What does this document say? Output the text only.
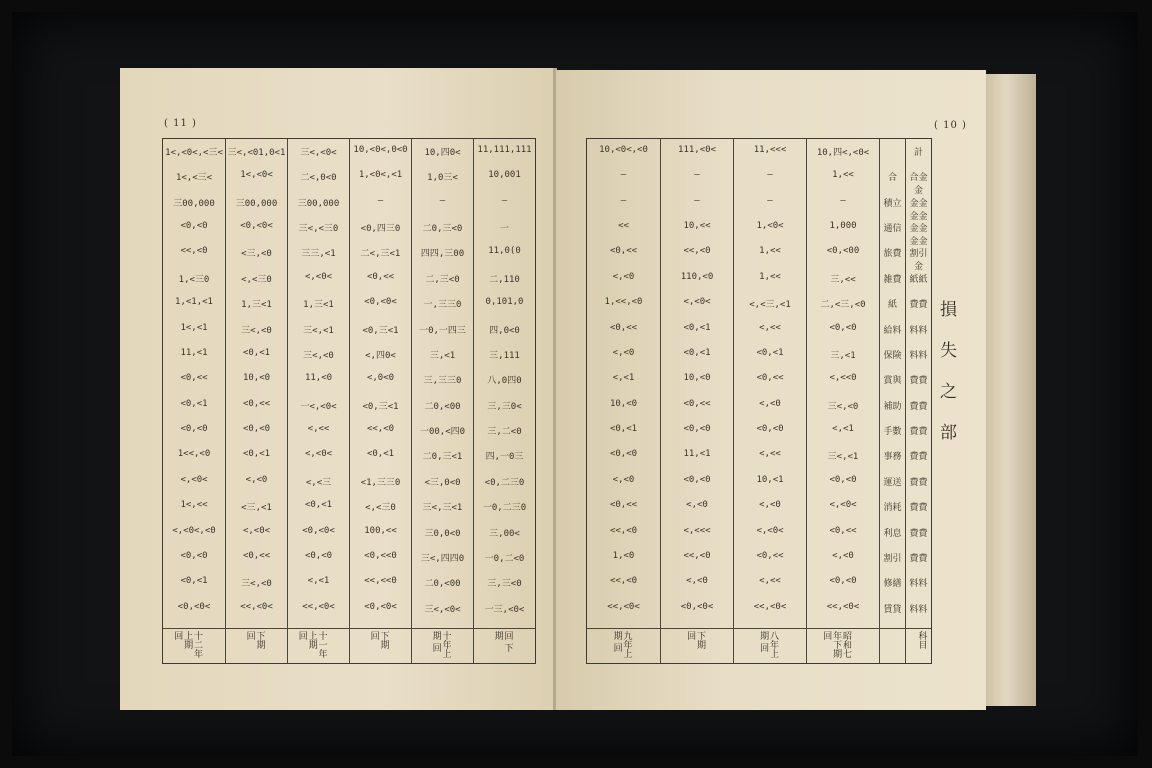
( 11 )
回 下期
11,111,111
10,001
—
一
11,0(0
二,110
0,101,0
四,0<0
三,111
八,0四0
三,三0<
三,二<0
四,一0三
<0,二三0
一0,二三0
三,00<
一0,二<0
三,三<0
一三,<0<
十年上期 回
10,四0<
1,0三<
—
二0,三<0
四四,三00
二,三<0
一,三三0
一0,一四三
三,<1
三,三三0
二0,<00
一00,<四0
二0,三<1
<三,0<0
三<,三<1
三0,0<0
三<,四四0
二0,<00
三<,<0<
下期 回
10,<0<,0<0
1,<0<,<1
—
<0,四三0
二<,三<1
<0,<<
<0,<0<
<0,三<1
<,四0<
<,0<0
<0,三<1
<<,<0
<0,<1
<1,三三0
<,<三0
100,<<
<0,<<0
<<,<<0
<0,<0<
十一年上期 回
三<,<0<
二<,0<0
三00,000
三<,<三0
三三,<1
<,<0<
1,三<1
三<,<1
三<,<0
11,<0
一<,<0<
<,<<
<,<0<
<,<三
<0,<1
<0,<0<
<0,<0
<,<1
<<,<0<
下期 回
三<,<01,0<1
1<,<0<
三00,000
<0,<0<
<三,<0
<,<三0
1,三<1
三<,<0
<0,<1
10,<0
<0,<<
<0,<0
<0,<1
<,<0
<三,<1
<,<0<
<0,<<
三<,<0
<<,<0<
十二年上期 回
1<,<0<,<三<
1<,<三<
三00,000
<0,<0
<<,<0
1,<三0
1,<1,<1
1<,<1
11,<1
<0,<<
<0,<1
<0,<0
1<<,<0
<,<0<
1<,<<
<,<0<,<0
<0,<0
<0,<1
<0,<0<
( 10 )
科目
計
合金金
金金金金
金金金金
割引金
紙紙
費費
料料
料料
費費
費費
費費
費費
費費
費費
費費
費費
料料
料料
合
積立
通信
旅費
雑費
紙
給料
保険
賞與
補助
手數
事務
運送
消耗
利息
割引
修繕
賃貸
昭和七年下期 回
10,四<,<0<
1,<<
—
1,000
<0,<00
三,<<
二,<三,<0
<0,<0
三,<1
<,<<0
三<,<0
<,<1
三<,<1
<0,<0
<,<0<
<0,<<
<,<0
<0,<0
<<,<0<
八年上期 回
11,<<<
—
—
1,<0<
1,<<
1,<<
<,<三,<1
<,<<
<0,<1
<0,<<
<,<0
<0,<0
<,<<
10,<1
<,<0
<,<0<
<0,<<
<,<<
<<,<0<
下期 回
111,<0<
—
—
10,<<
<<,<0
110,<0
<,<0<
<0,<1
<0,<1
10,<0
<0,<<
<0,<0
11,<1
<0,<0
<,<0
<,<<<
<<,<0
<,<0
<0,<0<
九年上期 回
10,<0<,<0
—
—
<<
<0,<<
<,<0
1,<<,<0
<0,<<
<,<0
<,<1
10,<0
<0,<1
<0,<0
<,<0
<0,<<
<<,<0
1,<0
<<,<0
<<,<0<
損失之部
